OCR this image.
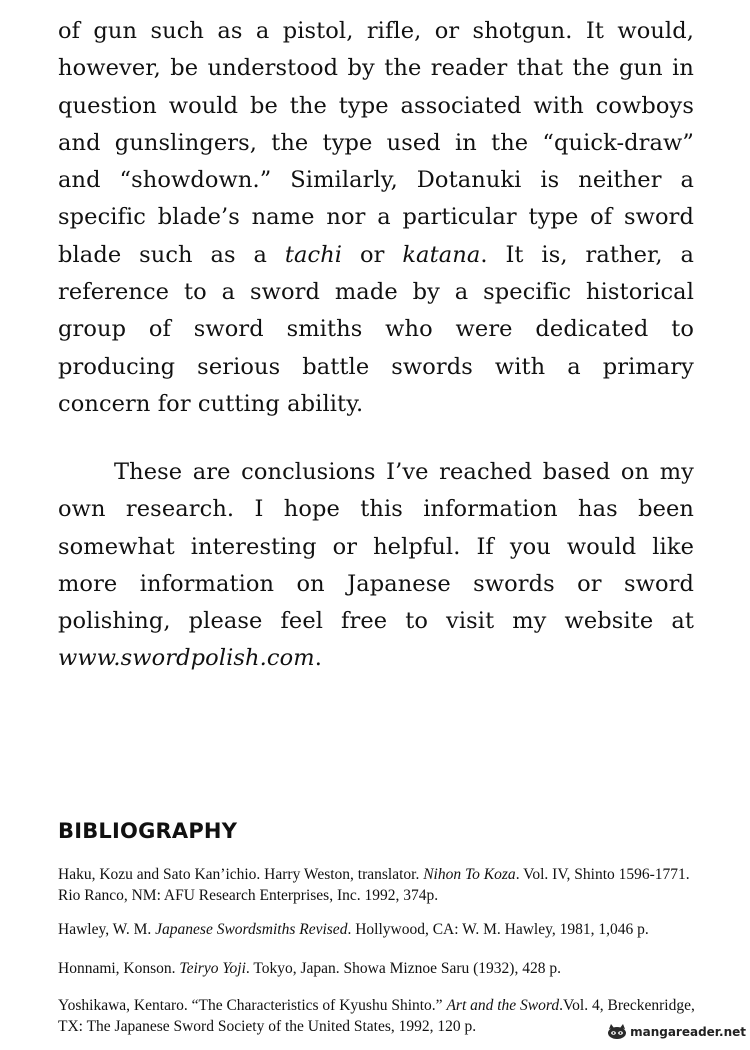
of gun such as a pistol, rifle, or shotgun. It would, however, be understood by the reader that the gun in question would be the type associated with cowboys and gunslingers, the type used in the “quick-draw” and “showdown.” Similarly, Dotanuki is neither a specific blade’s name nor a particular type of sword blade such as a tachi or katana. It is, rather, a reference to a sword made by a specific historical group of sword smiths who were dedicated to producing serious battle swords with a primary concern for cutting ability.

These are conclusions I’ve reached based on my own research. I hope this information has been somewhat interesting or helpful. If you would like more information on Japanese swords or sword polishing, please feel free to visit my website at www.swordpolish.com.

BIBLIOGRAPHY

Haku, Kozu and Sato Kan’ichio. Harry Weston, translator. Nihon To Koza. Vol. IV, Shinto 1596-1771. Rio Ranco, NM: AFU Research Enterprises, Inc. 1992, 374p.

Hawley, W. M. Japanese Swordsmiths Revised. Hollywood, CA: W. M. Hawley, 1981, 1,046 p.

Honnami, Konson. Teiryo Yoji. Tokyo, Japan. Showa Miznoe Saru (1932), 428 p.

Yoshikawa, Kentaro. “The Characteristics of Kyushu Shinto.” Art and the Sword.Vol. 4, Breckenridge, TX: The Japanese Sword Society of the United States, 1992, 120 p.	mangareader.net
